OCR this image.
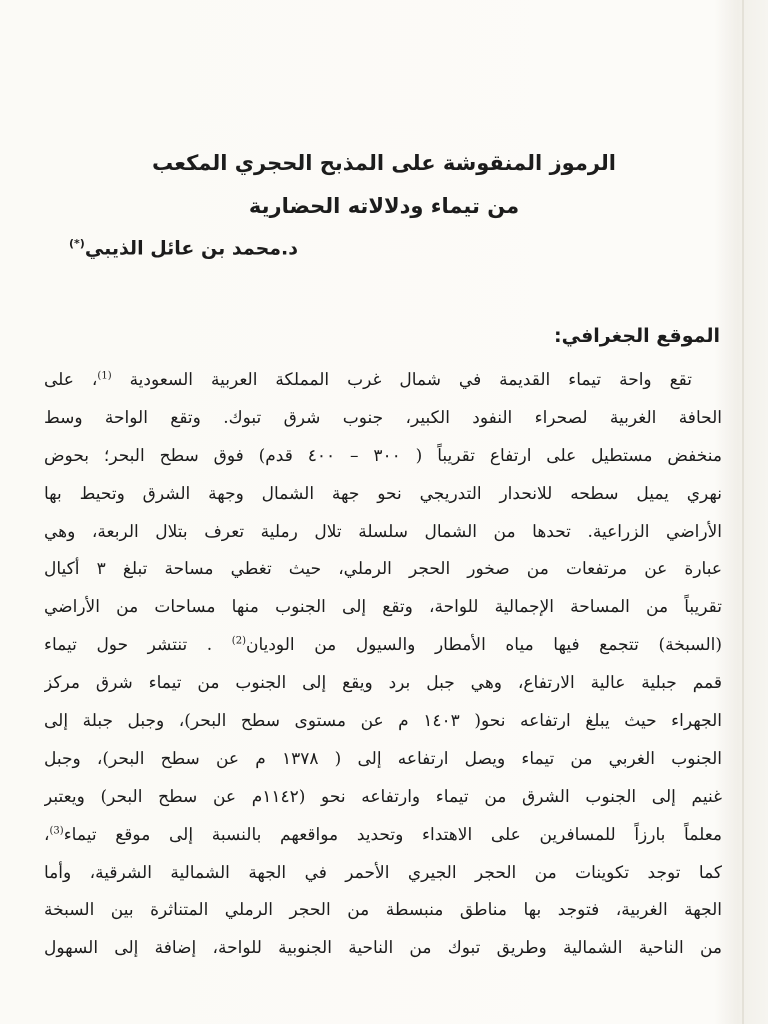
الرموز المنقوشة على المذبح الحجري المكعب
من تيماء ودلالاته الحضارية
د.محمد بن عائل الذيبي(*)
الموقع الجغرافي:
تقع واحة تيماء القديمة في شمال غرب المملكة العربية السعودية $^{(1)}$، على
الحافة الغربية لصحراء النفود الكبير، جنوب شرق تبوك. وتقع الواحة وسط
منخفض مستطيل على ارتفاع تقريباً ( ٣٠٠ – ٤٠٠ قدم) فوق سطح البحر؛ بحوض
نهري يميل سطحه للانحدار التدريجي نحو جهة الشمال وجهة الشرق وتحيط بها
الأراضي الزراعية. تحدها من الشمال سلسلة تلال رملية تعرف بتلال الربعة، وهي
عبارة عن مرتفعات من صخور الحجر الرملي، حيث تغطي مساحة تبلغ ٣ أكيال
تقريباً من المساحة الإجمالية للواحة، وتقع إلى الجنوب منها مساحات من الأراضي
(السبخة) تتجمع فيها مياه الأمطار والسيول من الوديان$^{(2)}$ . تنتشر حول تيماء
قمم جبلية عالية الارتفاع، وهي جبل برد ويقع إلى الجنوب من تيماء شرق مركز
الجهراء حيث يبلغ ارتفاعه نحو( ١٤٠٣ م عن مستوى سطح البحر)، وجبل جبلة إلى
الجنوب الغربي من تيماء ويصل ارتفاعه إلى ( ١٣٧٨ م عن سطح البحر)، وجبل
غنيم إلى الجنوب الشرق من تيماء وارتفاعه نحو (١١٤٢م عن سطح البحر) ويعتبر
معلماً بارزاً للمسافرين على الاهتداء وتحديد مواقعهم بالنسبة إلى موقع تيماء$^{(3)}$،
كما توجد تكوينات من الحجر الجيري الأحمر في الجهة الشمالية الشرقية، وأما
الجهة الغربية، فتوجد بها مناطق منبسطة من الحجر الرملي المتناثرة بين السبخة
من الناحية الشمالية وطريق تبوك من الناحية الجنوبية للواحة، إضافة إلى السهول
